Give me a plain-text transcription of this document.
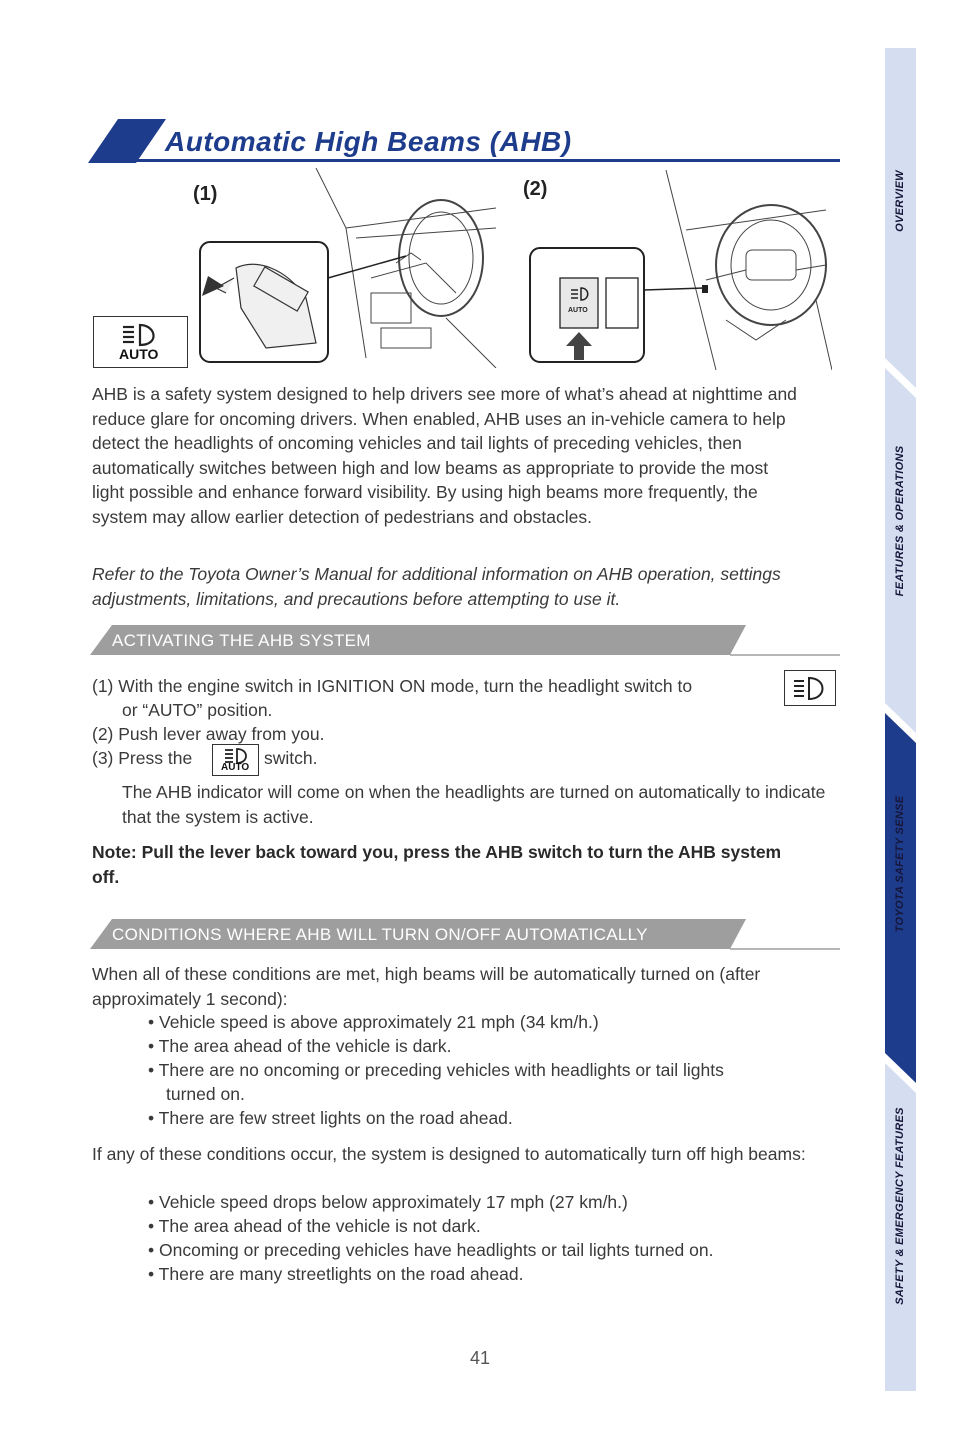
Automatic High Beams (AHB)
AUTO
(1)	(2)
AUTO

AHB is a safety system designed to help drivers see more of what’s ahead at nighttime and reduce glare for oncoming drivers. When enabled, AHB uses an in-vehicle camera to help detect the headlights of oncoming vehicles and tail lights of preceding vehicles, then automatically switches between high and low beams as appropriate to provide the most light possible and enhance forward visibility. By using high beams more frequently, the system may allow earlier detection of pedestrians and obstacles.

Refer to the Toyota Owner’s Manual for additional information on AHB operation, settings adjustments, limitations, and precautions before attempting to use it.

ACTIVATING THE AHB SYSTEM

(1) With the engine switch in IGNITION ON mode, turn the headlight switch to

or “AUTO” position.

(2) Push lever away from you.

(3) Press the	AUTO switch.

The AHB indicator will come on when the headlights are turned on automatically to indicate that the system is active.

Note: Pull the lever back toward you, press the AHB switch to turn the AHB system off.

CONDITIONS WHERE AHB WILL TURN ON/OFF AUTOMATICALLY

When all of these conditions are met, high beams will be automatically turned on (after approximately 1 second):

• Vehicle speed is above approximately 21 mph (34 km/h.)

• The area ahead of the vehicle is dark.

• There are no oncoming or preceding vehicles with headlights or tail lights

turned on.

• There are few street lights on the road ahead.

If any of these conditions occur, the system is designed to automatically turn off high beams:

• Vehicle speed drops below approximately 17 mph (27 km/h.)

• The area ahead of the vehicle is not dark.

• Oncoming or preceding vehicles have headlights or tail lights turned on.

• There are many streetlights on the road ahead.

41
OVERVIEW
FEATURES & OPERATIONS
TOYOTA SAFETY SENSE
SAFETY & EMERGENCY FEATURES
